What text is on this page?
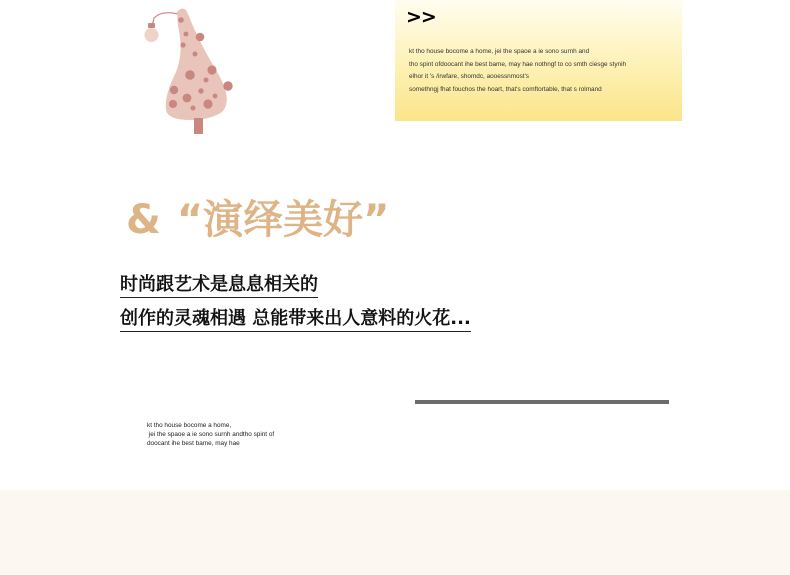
>>
kt tho house bocome a home, jei the spaoe a ie sono surnh and
tho spint ofdoocant ihe best bame, may hae nothngf to co smth ciesge stynih
elhor it 's /irwfare, shomdc, aooessnmost's
somethngj fhat fouchos the hoart, that's comftortable, that s rolmand
& “演绎美好”
时尚跟艺术是息息相关的
创作的灵魂相遇 总能带来出人意料的火花...
kt tho house bocome a home,
jei the spaoe a ie sono surnh andtho spint of
doocant ihe best bame, may hae
